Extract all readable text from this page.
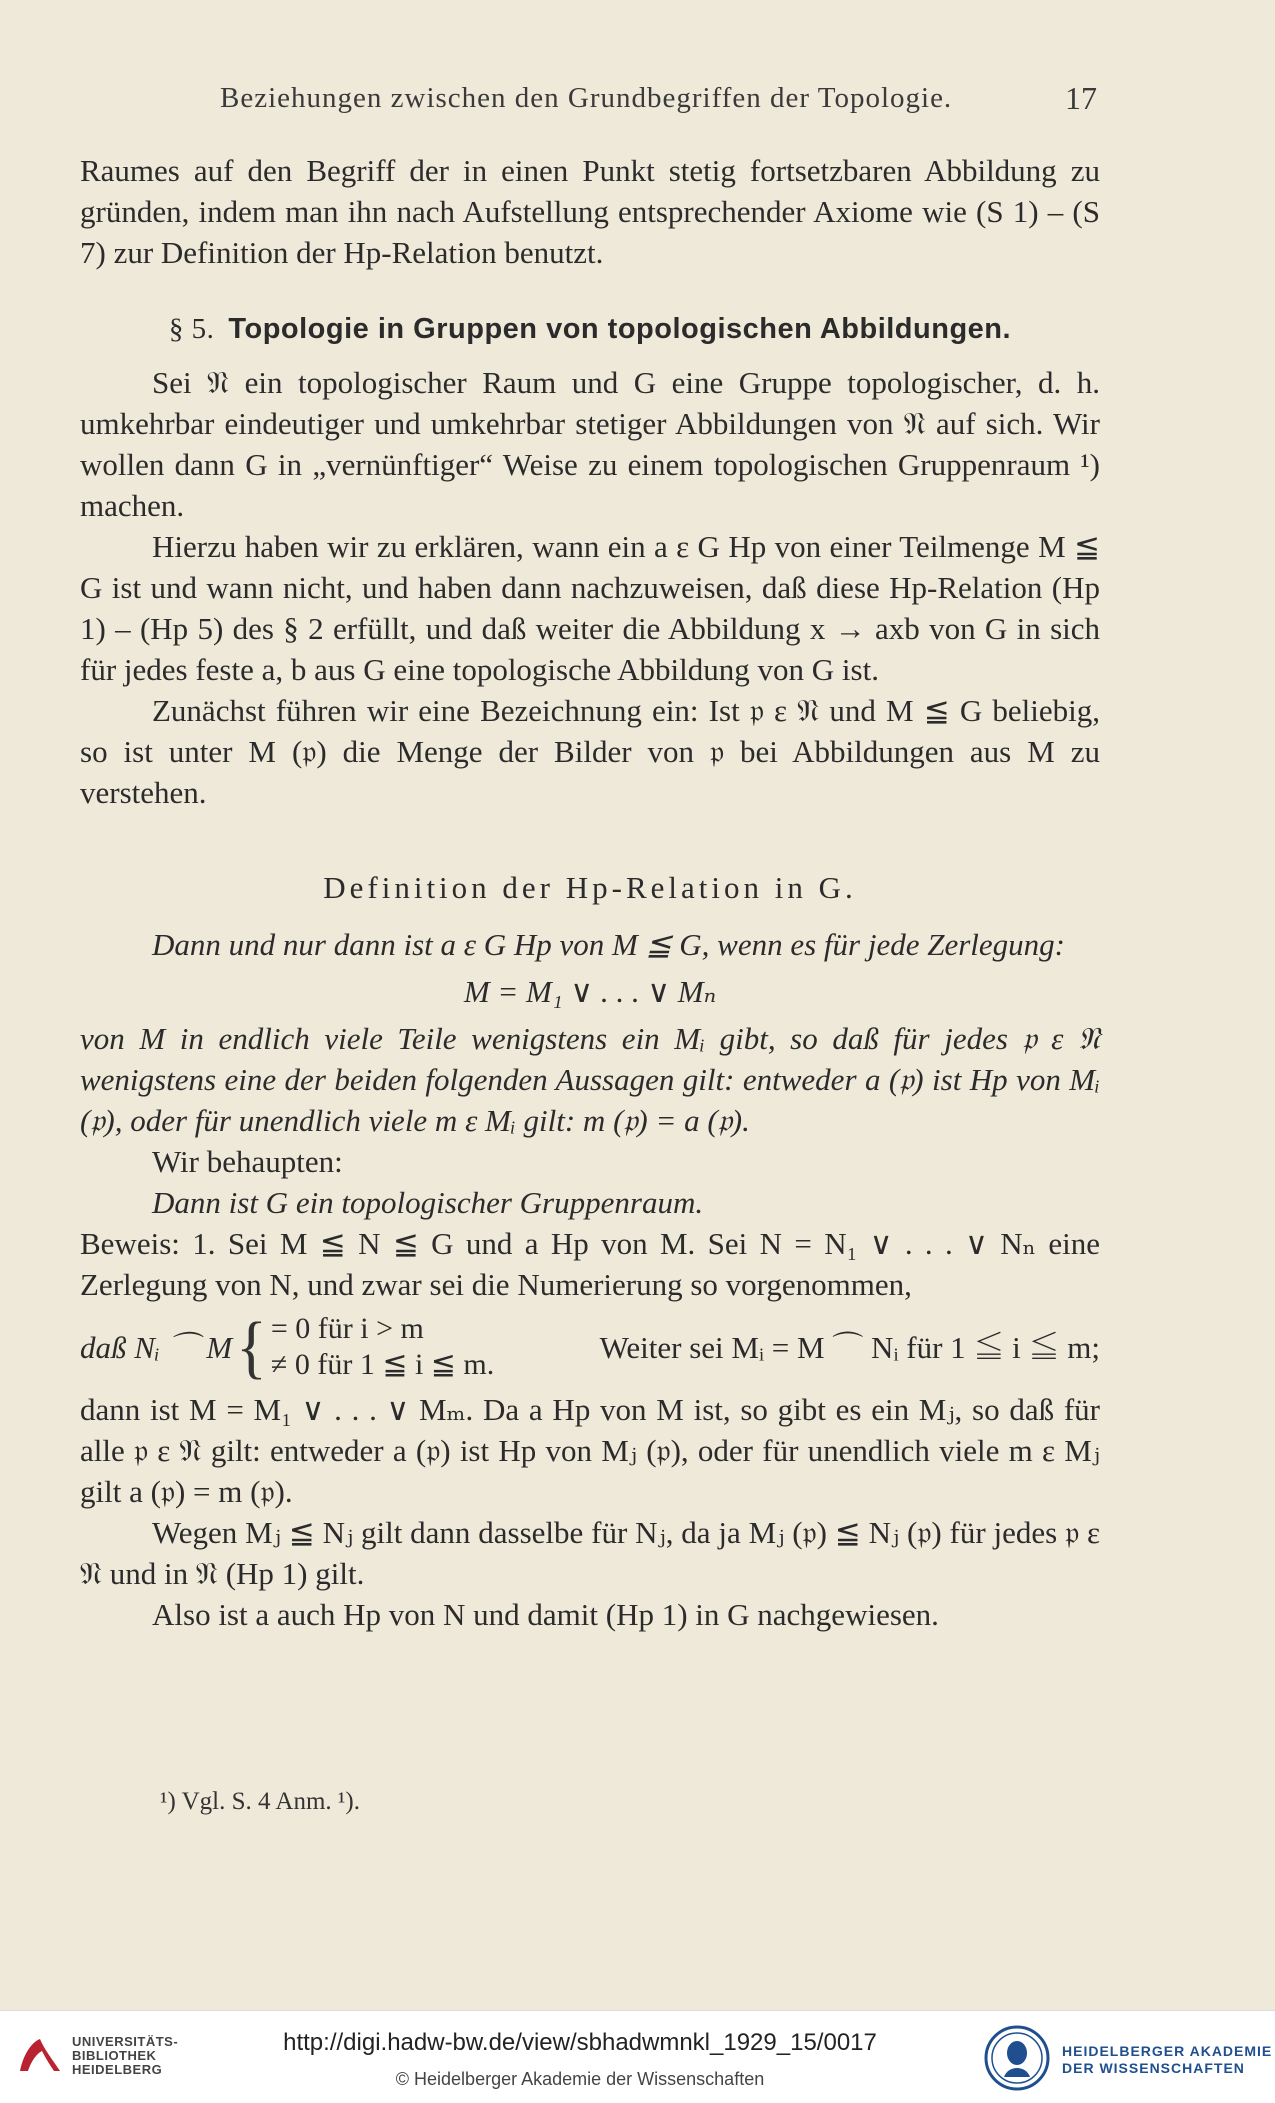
Beziehungen zwischen den Grundbegriffen der Topologie.	17

Raumes auf den Begriff der in einen Punkt stetig fortsetzbaren Abbildung zu gründen, indem man ihn nach Aufstellung entsprechender Axiome wie (S 1) – (S 7) zur Definition der Hp-Relation benutzt.

§ 5. Topologie in Gruppen von topologischen Abbildungen.

Sei 𝔑 ein topologischer Raum und G eine Gruppe topologischer, d. h. umkehrbar eindeutiger und umkehrbar stetiger Abbildungen von 𝔑 auf sich. Wir wollen dann G in „vernünftiger“ Weise zu einem topologischen Gruppenraum ¹) machen.

Hierzu haben wir zu erklären, wann ein a ε G Hp von einer Teilmenge M ≦ G ist und wann nicht, und haben dann nachzuweisen, daß diese Hp-Relation (Hp 1) – (Hp 5) des § 2 erfüllt, und daß weiter die Abbildung x → axb von G in sich für jedes feste a, b aus G eine topologische Abbildung von G ist.

Zunächst führen wir eine Bezeichnung ein: Ist 𝔭 ε 𝔑 und M ≦ G beliebig, so ist unter M (𝔭) die Menge der Bilder von 𝔭 bei Abbildungen aus M zu verstehen.

Definition der Hp-Relation in G.

Dann und nur dann ist a ε G Hp von M ≦ G, wenn es für jede Zerlegung:

M = M₁ ∨ . . . ∨ Mₙ

von M in endlich viele Teile wenigstens ein Mᵢ gibt, so daß für jedes 𝔭 ε 𝔑 wenigstens eine der beiden folgenden Aussagen gilt: entweder a (𝔭) ist Hp von Mᵢ (𝔭), oder für unendlich viele m ε Mᵢ gilt: m (𝔭) = a (𝔭).

Wir behaupten:

Dann ist G ein topologischer Gruppenraum.

Beweis: 1. Sei M ≦ N ≦ G und a Hp von M. Sei N = N₁ ∨ . . . ∨ Nₙ eine Zerlegung von N, und zwar sei die Numerierung so vorgenommen,

daß Nᵢ ⌒ M { = 0 für i > m
≠ 0 für 1 ≦ i ≦ m.	Weiter sei Mᵢ = M ⌒ Nᵢ für 1 ≦ i ≦ m;

dann ist M = M₁ ∨ . . . ∨ Mₘ. Da a Hp von M ist, so gibt es ein Mⱼ, so daß für alle 𝔭 ε 𝔑 gilt: entweder a (𝔭) ist Hp von Mⱼ (𝔭), oder für unendlich viele m ε Mⱼ gilt a (𝔭) = m (𝔭).

Wegen Mⱼ ≦ Nⱼ gilt dann dasselbe für Nⱼ, da ja Mⱼ (𝔭) ≦ Nⱼ (𝔭) für jedes 𝔭 ε 𝔑 und in 𝔑 (Hp 1) gilt.

Also ist a auch Hp von N und damit (Hp 1) in G nachgewiesen.

¹) Vgl. S. 4 Anm. ¹).
UNIVERSITÄTS-
BIBLIOTHEK
HEIDELBERG
http://digi.hadw-bw.de/view/sbhadwmnkl_1929_15/0017
© Heidelberger Akademie der Wissenschaften
HEIDELBERGER AKADEMIE
DER WISSENSCHAFTEN
